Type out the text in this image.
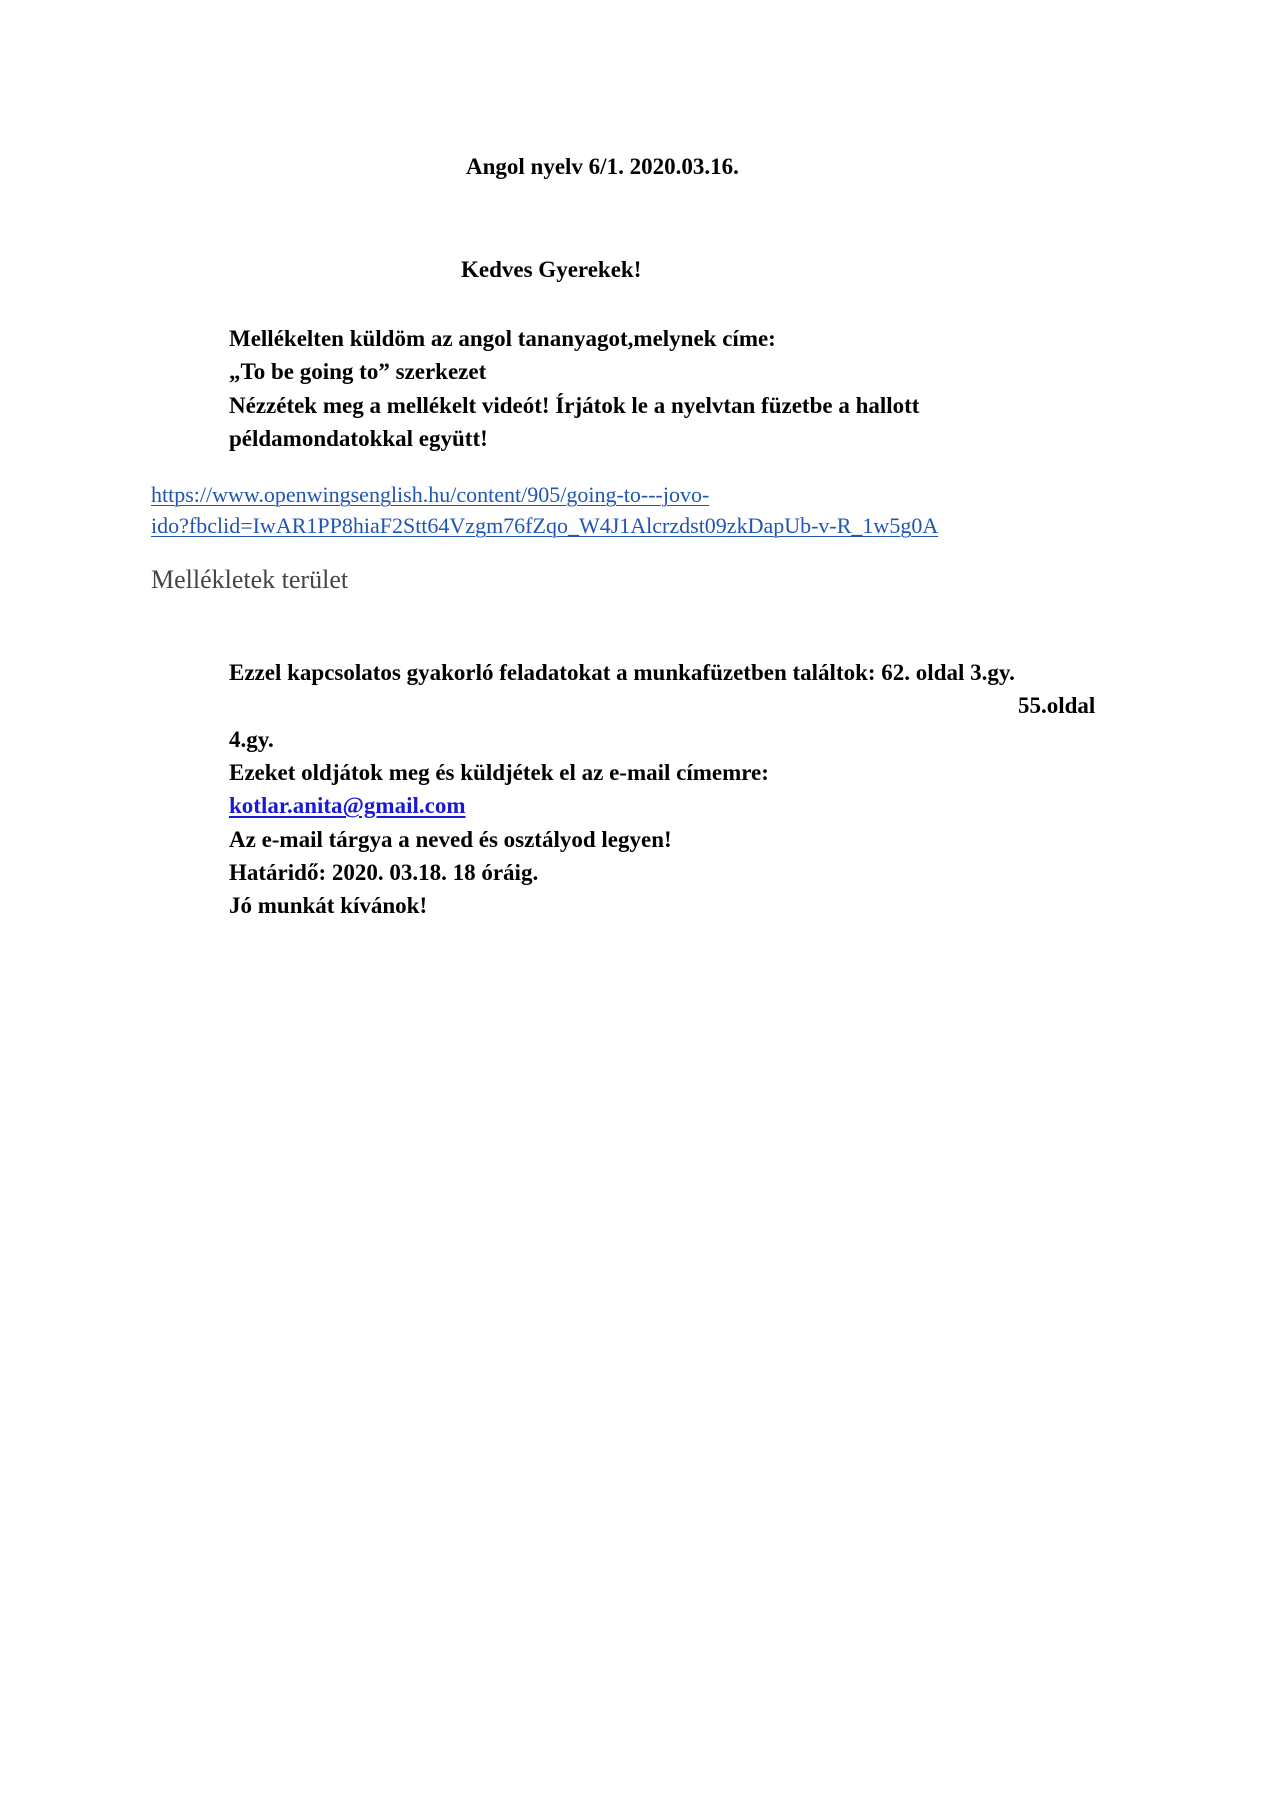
Angol nyelv 6/1. 2020.03.16.
Kedves Gyerekek!
Mellékelten küldöm az angol tananyagot,melynek címe:
„To be going to” szerkezet
Nézzétek meg a mellékelt videót! Írjátok le a nyelvtan füzetbe a hallott
példamondatokkal együtt!
https://www.openwingsenglish.hu/content/905/going-to---jovo-
ido?fbclid=IwAR1PP8hiaF2Stt64Vzgm76fZqo_W4J1Alcrzdst09zkDapUb-v-R_1w5g0A
Mellékletek terület
Ezzel kapcsolatos gyakorló feladatokat a munkafüzetben találtok: 62. oldal 3.gy.
55.oldal
4.gy.
Ezeket oldjátok meg és küldjétek el az e-mail címemre:
kotlar.anita@gmail.com
Az e-mail tárgya a neved és osztályod legyen!
Határidő: 2020. 03.18. 18 óráig.
Jó munkát kívánok!
